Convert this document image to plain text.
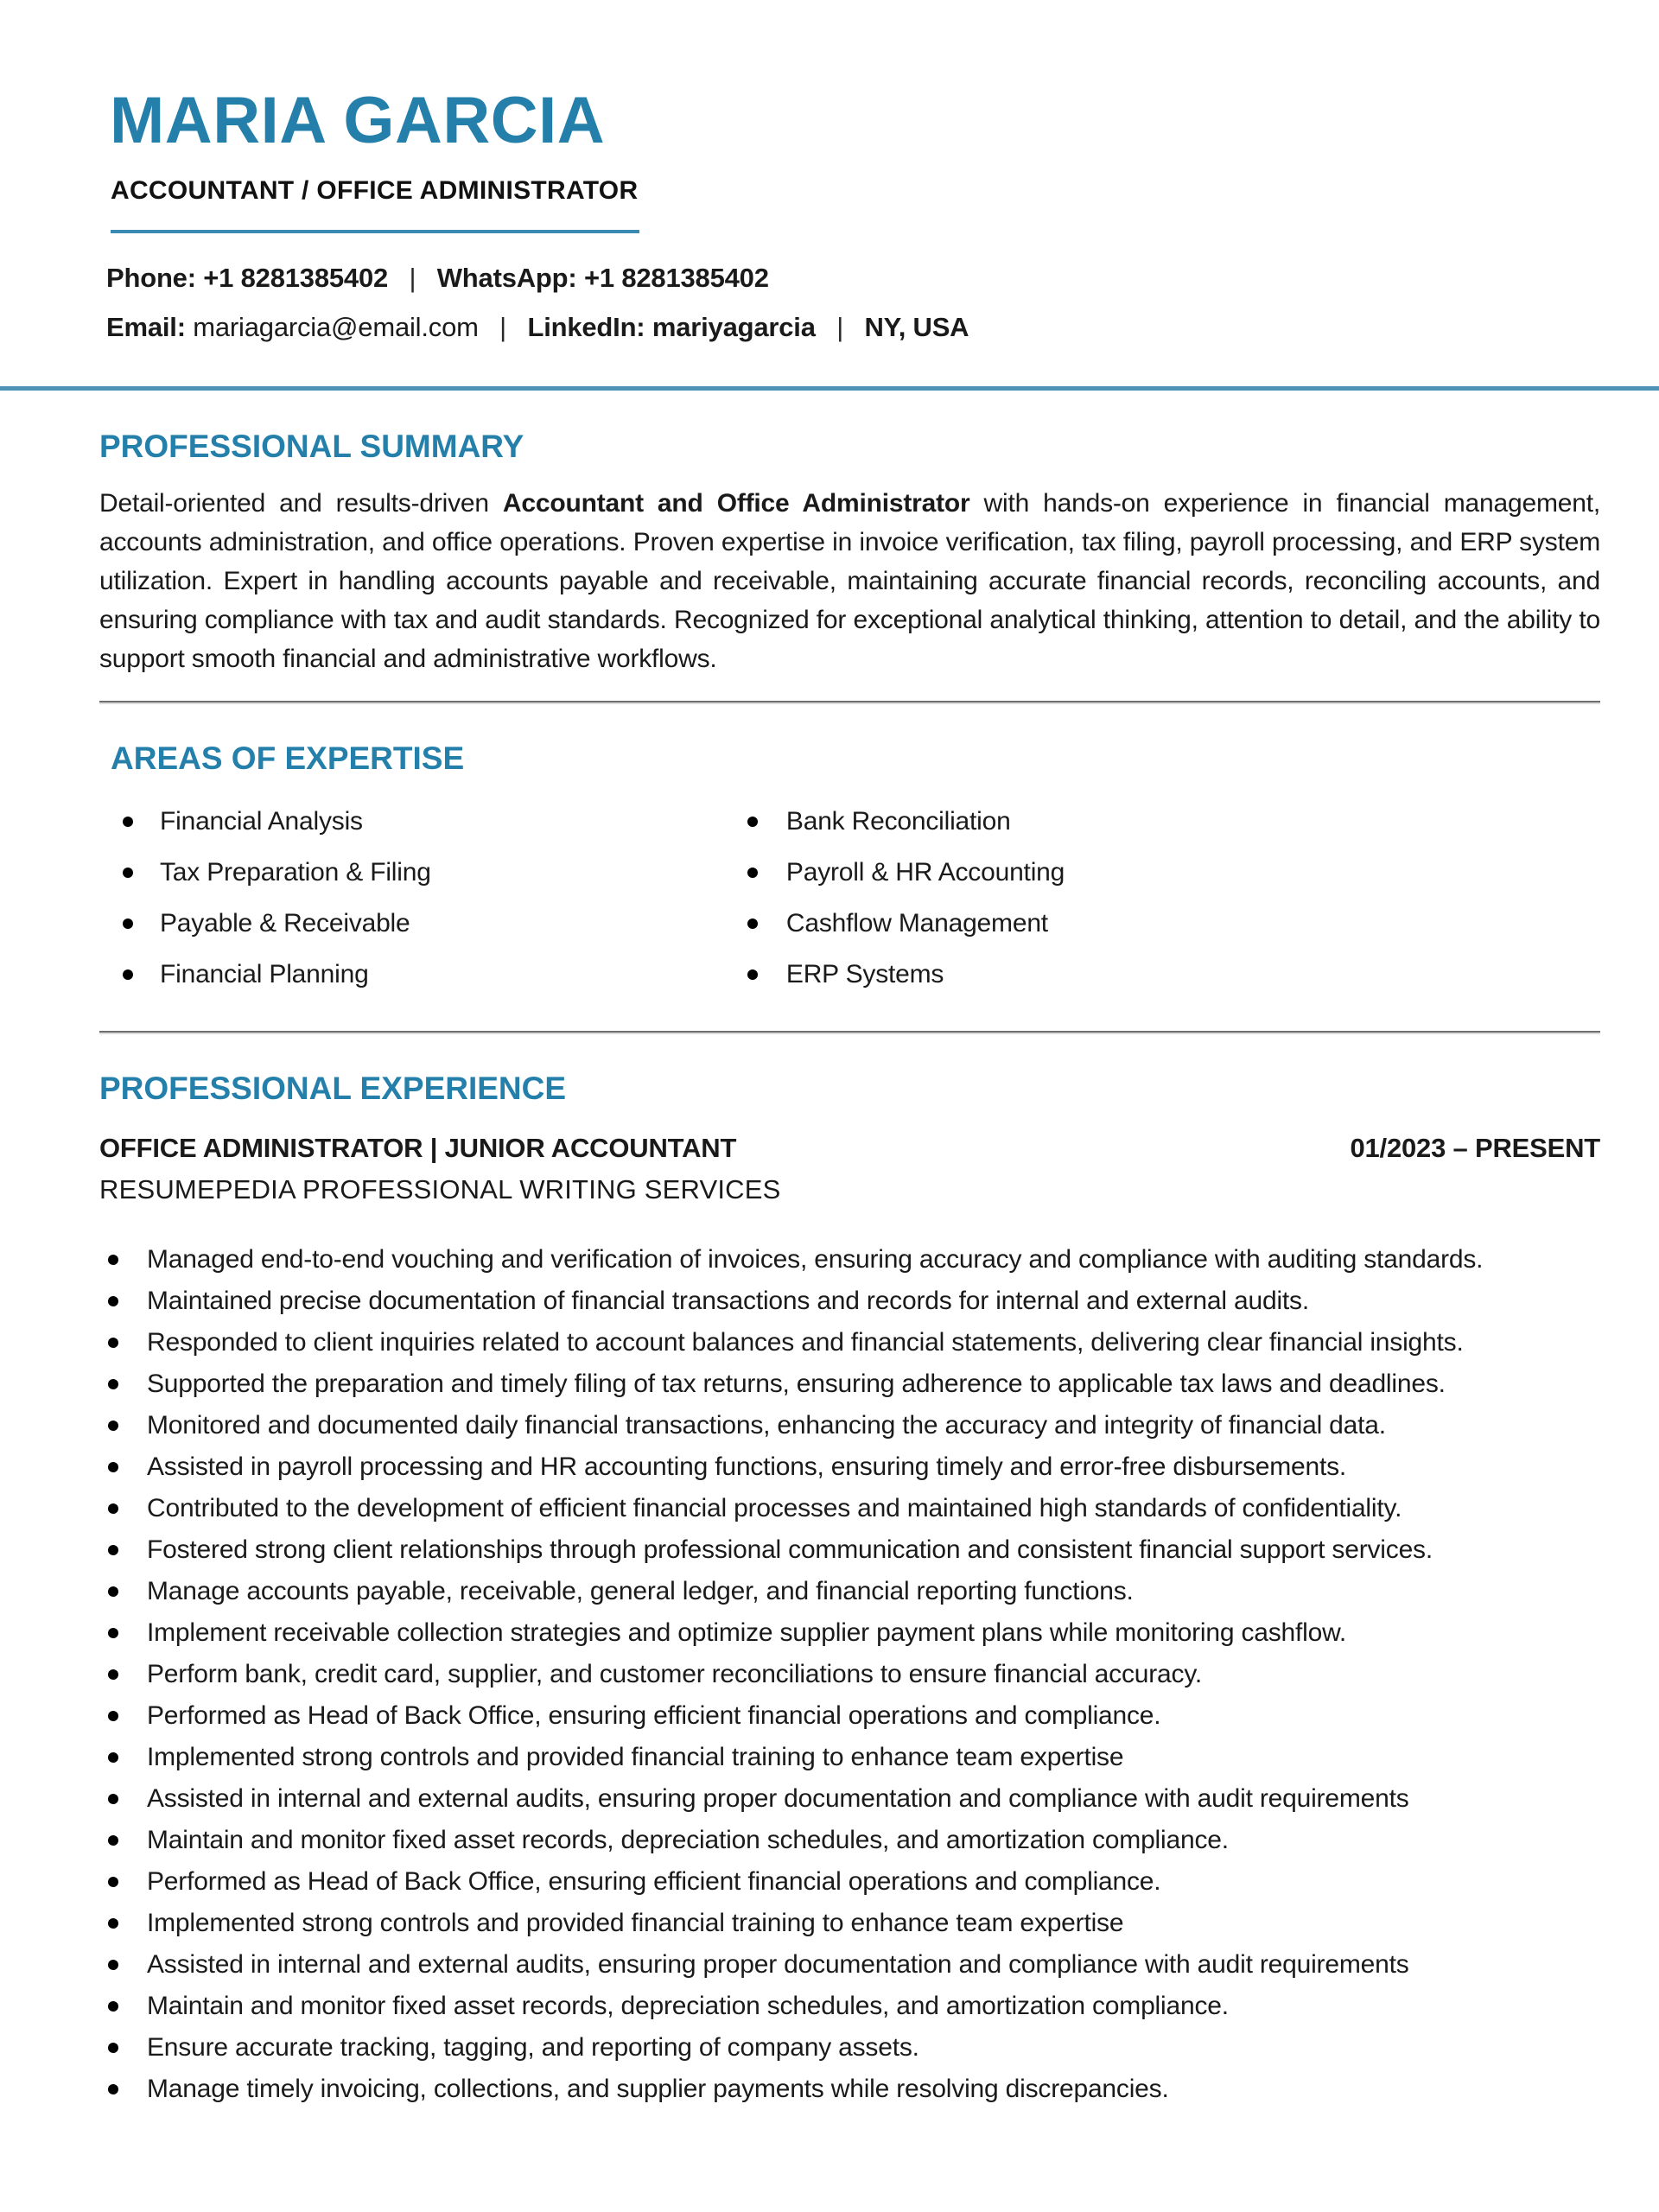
MARIA GARCIA
ACCOUNTANT / OFFICE ADMINISTRATOR
Phone: +1 8281385402 | WhatsApp: +1 8281385402
Email: mariagarcia@email.com | LinkedIn: mariyagarcia | NY, USA
PROFESSIONAL SUMMARY

Detail-oriented and results-driven Accountant and Office Administrator with hands-on experience in financial management, accounts administration, and office operations. Proven expertise in invoice verification, tax filing, payroll processing, and ERP system utilization. Expert in handling accounts payable and receivable, maintaining accurate financial records, reconciling accounts, and ensuring compliance with tax and audit standards. Recognized for exceptional analytical thinking, attention to detail, and the ability to support smooth financial and administrative workflows.

AREAS OF EXPERTISE
Financial Analysis
Tax Preparation & Filing
Payable & Receivable
Financial Planning
Bank Reconciliation
Payroll & HR Accounting
Cashflow Management
ERP Systems
PROFESSIONAL EXPERIENCE
OFFICE ADMINISTRATOR | JUNIOR ACCOUNTANT	01/2023 – PRESENT
RESUMEPEDIA PROFESSIONAL WRITING SERVICES
Managed end-to-end vouching and verification of invoices, ensuring accuracy and compliance with auditing standards.
Maintained precise documentation of financial transactions and records for internal and external audits.
Responded to client inquiries related to account balances and financial statements, delivering clear financial insights.
Supported the preparation and timely filing of tax returns, ensuring adherence to applicable tax laws and deadlines.
Monitored and documented daily financial transactions, enhancing the accuracy and integrity of financial data.
Assisted in payroll processing and HR accounting functions, ensuring timely and error-free disbursements.
Contributed to the development of efficient financial processes and maintained high standards of confidentiality.
Fostered strong client relationships through professional communication and consistent financial support services.
Manage accounts payable, receivable, general ledger, and financial reporting functions.
Implement receivable collection strategies and optimize supplier payment plans while monitoring cashflow.
Perform bank, credit card, supplier, and customer reconciliations to ensure financial accuracy.
Performed as Head of Back Office, ensuring efficient financial operations and compliance.
Implemented strong controls and provided financial training to enhance team expertise
Assisted in internal and external audits, ensuring proper documentation and compliance with audit requirements
Maintain and monitor fixed asset records, depreciation schedules, and amortization compliance.
Performed as Head of Back Office, ensuring efficient financial operations and compliance.
Implemented strong controls and provided financial training to enhance team expertise
Assisted in internal and external audits, ensuring proper documentation and compliance with audit requirements
Maintain and monitor fixed asset records, depreciation schedules, and amortization compliance.
Ensure accurate tracking, tagging, and reporting of company assets.
Manage timely invoicing, collections, and supplier payments while resolving discrepancies.
